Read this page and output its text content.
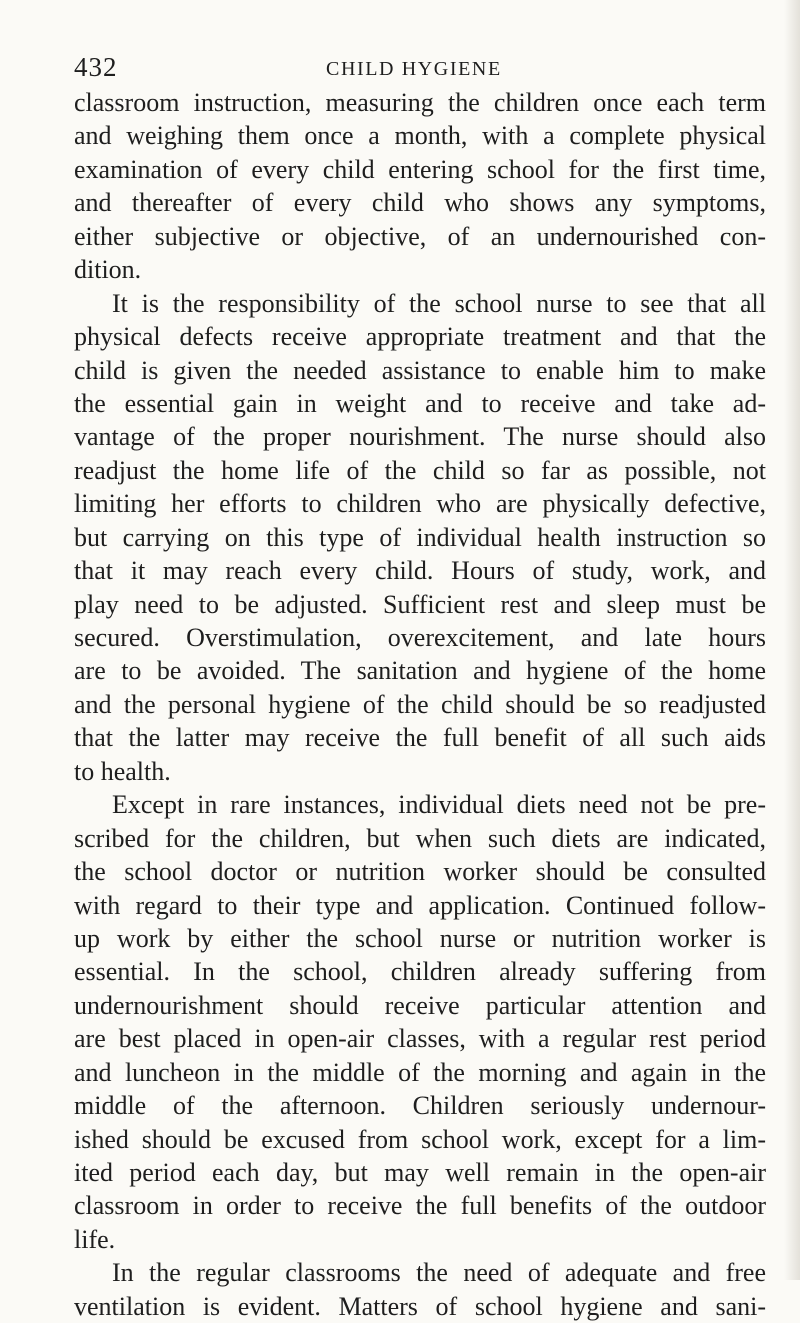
432	CHILD HYGIENE
classroom instruction, measuring the children once each term
and weighing them once a month, with a complete physical
examination of every child entering school for the first time,
and thereafter of every child who shows any symptoms,
either subjective or objective, of an undernourished con-
dition.
It is the responsibility of the school nurse to see that all
physical defects receive appropriate treatment and that the
child is given the needed assistance to enable him to make
the essential gain in weight and to receive and take ad-
vantage of the proper nourishment. The nurse should also
readjust the home life of the child so far as possible, not
limiting her efforts to children who are physically defective,
but carrying on this type of individual health instruction so
that it may reach every child. Hours of study, work, and
play need to be adjusted. Sufficient rest and sleep must be
secured. Overstimulation, overexcitement, and late hours
are to be avoided. The sanitation and hygiene of the home
and the personal hygiene of the child should be so readjusted
that the latter may receive the full benefit of all such aids
to health.
Except in rare instances, individual diets need not be pre-
scribed for the children, but when such diets are indicated,
the school doctor or nutrition worker should be consulted
with regard to their type and application. Continued follow-
up work by either the school nurse or nutrition worker is
essential. In the school, children already suffering from
undernourishment should receive particular attention and
are best placed in open-air classes, with a regular rest period
and luncheon in the middle of the morning and again in the
middle of the afternoon. Children seriously undernour-
ished should be excused from school work, except for a lim-
ited period each day, but may well remain in the open-air
classroom in order to receive the full benefits of the outdoor
life.
In the regular classrooms the need of adequate and free
ventilation is evident. Matters of school hygiene and sani-
